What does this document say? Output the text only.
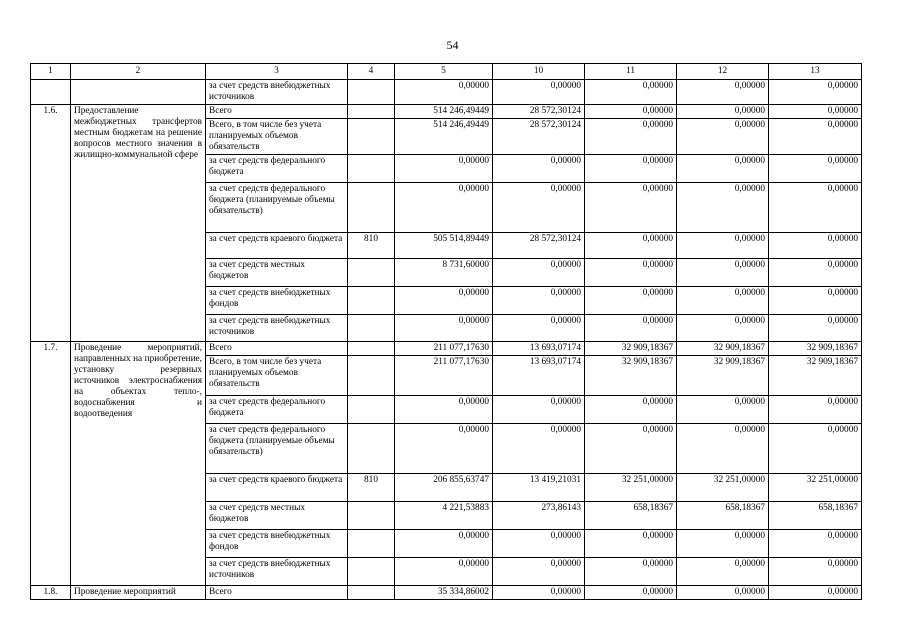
54
1	2	3	4	5	10	11	12	13
		за счет средств внебюджетных источников		0,00000	0,00000	0,00000	0,00000	0,00000
1.6.	Предоставление межбюджетных трансфертов местным бюджетам на решение вопросов местного значения в жилищно-коммунальной сфере	Всего		514 246,49449	28 572,30124	0,00000	0,00000	0,00000
		Всего, в том числе без учета планируемых объемов обязательств		514 246,49449	28 572,30124	0,00000	0,00000	0,00000
		за счет средств федерального бюджета		0,00000	0,00000	0,00000	0,00000	0,00000
		за счет средств федерального бюджета (планируемые объемы обязательств)		0,00000	0,00000	0,00000	0,00000	0,00000
		за счет средств краевого бюджета	810	505 514,89449	28 572,30124	0,00000	0,00000	0,00000
		за счет средств местных бюджетов		8 731,60000	0,00000	0,00000	0,00000	0,00000
		за счет средств внебюджетных фондов		0,00000	0,00000	0,00000	0,00000	0,00000
		за счет средств внебюджетных источников		0,00000	0,00000	0,00000	0,00000	0,00000
1.7.	Проведение мероприятий, направленных на приобретение, установку резервных источников электроснабжения на объектах тепло-, водоснабжения и водоотведения	Всего		211 077,17630	13 693,07174	32 909,18367	32 909,18367	32 909,18367
		Всего, в том числе без учета планируемых объемов обязательств		211 077,17630	13 693,07174	32 909,18367	32 909,18367	32 909,18367
		за счет средств федерального бюджета		0,00000	0,00000	0,00000	0,00000	0,00000
		за счет средств федерального бюджета (планируемые объемы обязательств)		0,00000	0,00000	0,00000	0,00000	0,00000
		за счет средств краевого бюджета	810	206 855,63747	13 419,21031	32 251,00000	32 251,00000	32 251,00000
		за счет средств местных бюджетов		4 221,53883	273,86143	658,18367	658,18367	658,18367
		за счет средств внебюджетных фондов		0,00000	0,00000	0,00000	0,00000	0,00000
		за счет средств внебюджетных источников		0,00000	0,00000	0,00000	0,00000	0,00000
1.8.	Проведение мероприятий	Всего		35 334,86002	0,00000	0,00000	0,00000	0,00000
